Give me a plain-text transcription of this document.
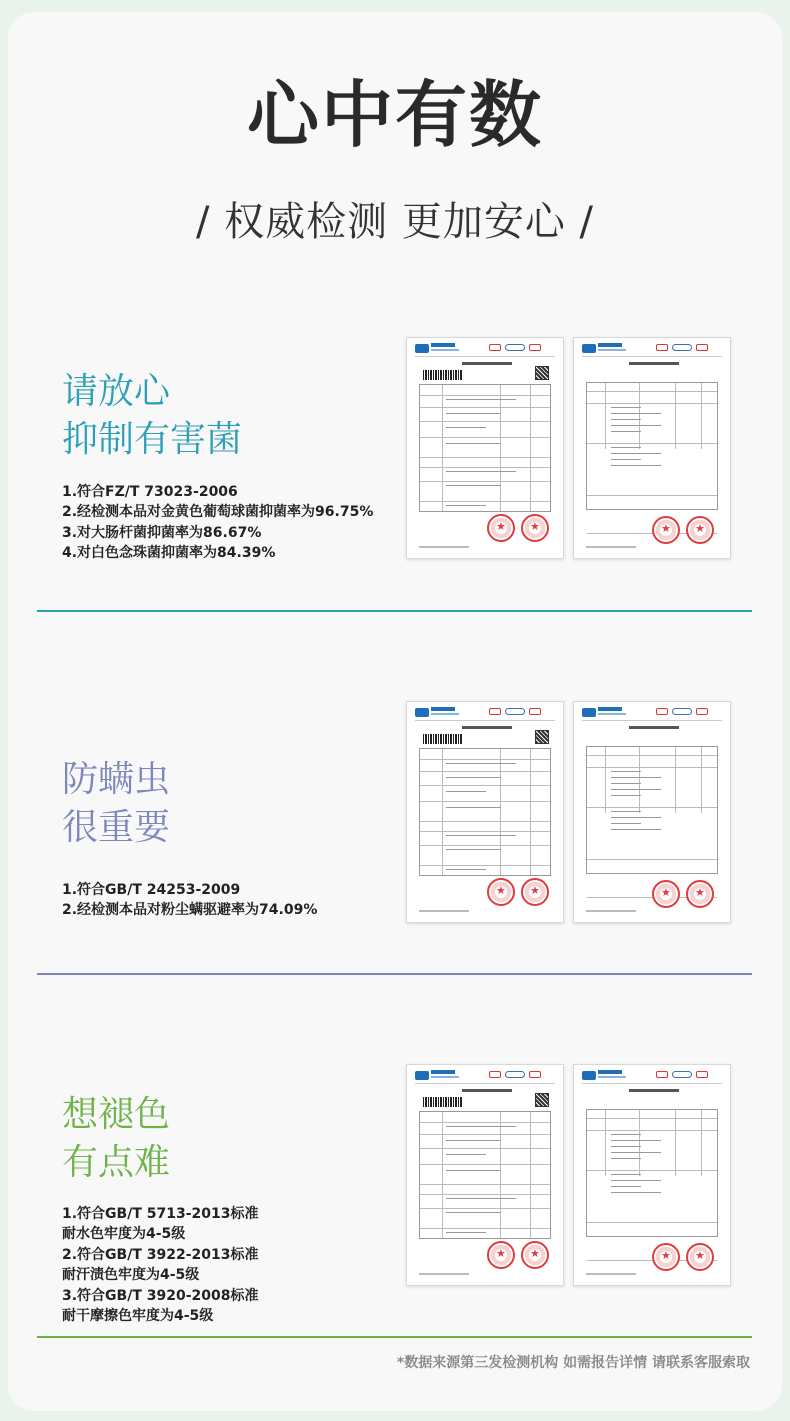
心中有数
/ 权威检测 更加安心 /
请放心
抑制有害菌
1.符合FZ/T 73023-2006
2.经检测本品对金黄色葡萄球菌抑菌率为96.75%
3.对大肠杆菌抑菌率为86.67%
4.对白色念珠菌抑菌率为84.39%
防螨虫
很重要
1.符合GB/T 24253-2009
2.经检测本品对粉尘螨驱避率为74.09%
想褪色
有点难
1.符合GB/T 5713-2013标准
耐水色牢度为4-5级
2.符合GB/T 3922-2013标准
耐汗渍色牢度为4-5级
3.符合GB/T 3920-2008标准
耐干摩擦色牢度为4-5级
*数据来源第三发检测机构 如需报告详情 请联系客服索取
★ ★	★ ★
★ ★	★ ★
★ ★	★ ★
